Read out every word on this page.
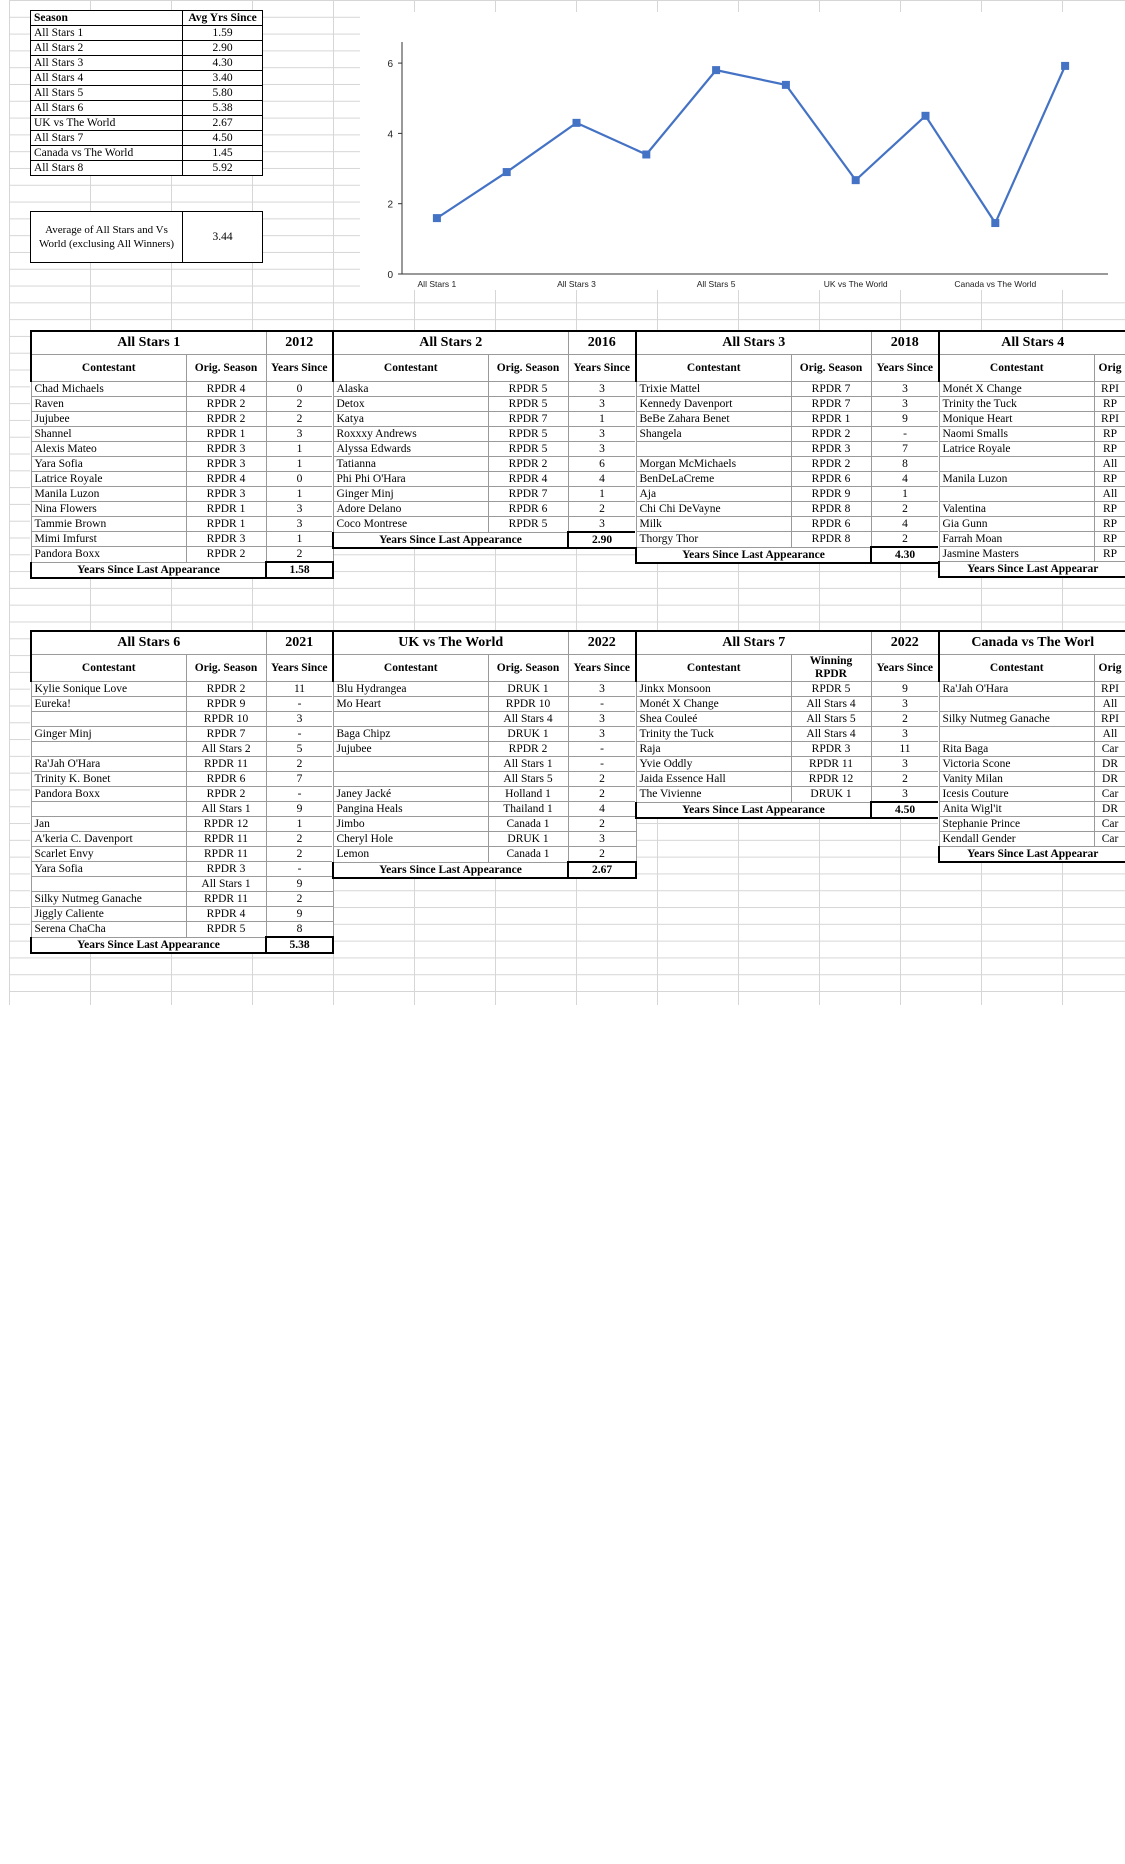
Season	Avg Yrs Since
All Stars 1	1.59
All Stars 2	2.90
All Stars 3	4.30
All Stars 4	3.40
All Stars 5	5.80
All Stars 6	5.38
UK vs The World	2.67
All Stars 7	4.50
Canada vs The World	1.45
All Stars 8	5.92
Average of All Stars and Vs World (exclusing All Winners)	3.44
0
2
4
6
All Stars 1	All Stars 3	All Stars 5	UK vs The World	Canada vs The World
All Stars 1		2012
Contestant	Orig. Season	Years Since
Chad Michaels	RPDR 4	0
Raven	RPDR 2	2
Jujubee	RPDR 2	2
Shannel	RPDR 1	3
Alexis Mateo	RPDR 3	1
Yara Sofia	RPDR 3	1
Latrice Royale	RPDR 4	0
Manila Luzon	RPDR 3	1
Nina Flowers	RPDR 1	3
Tammie Brown	RPDR 1	3
Mimi Imfurst	RPDR 3	1
Pandora Boxx	RPDR 2	2
Years Since Last Appearance		1.58
All Stars 2		2016
Contestant	Orig. Season	Years Since
Alaska	RPDR 5	3
Detox	RPDR 5	3
Katya	RPDR 7	1
Roxxxy Andrews	RPDR 5	3
Alyssa Edwards	RPDR 5	3
Tatianna	RPDR 2	6
Phi Phi O'Hara	RPDR 4	4
Ginger Minj	RPDR 7	1
Adore Delano	RPDR 6	2
Coco Montrese	RPDR 5	3
Years Since Last Appearance		2.90
All Stars 3		2018
Contestant	Orig. Season	Years Since
Trixie Mattel	RPDR 7	3
Kennedy Davenport	RPDR 7	3
BeBe Zahara Benet	RPDR 1	9
Shangela	RPDR 2	-
	RPDR 3	7
Morgan McMichaels	RPDR 2	8
BenDeLaCreme	RPDR 6	4
Aja	RPDR 9	1
Chi Chi DeVayne	RPDR 8	2
Milk	RPDR 6	4
Thorgy Thor	RPDR 8	2
Years Since Last Appearance		4.30
All Stars 4	
Contestant	Orig
Monét X Change	RPI
Trinity the Tuck	RP
Monique Heart	RPI
Naomi Smalls	RP
Latrice Royale	RP
	All
Manila Luzon	RP
	All
Valentina	RP
Gia Gunn	RP
Farrah Moan	RP
Jasmine Masters	RP
Years Since Last Appearar	
All Stars 6		2021
Contestant	Orig. Season	Years Since
Kylie Sonique Love	RPDR 2	11
Eureka!	RPDR 9	-
	RPDR 10	3
Ginger Minj	RPDR 7	-
	All Stars 2	5
Ra'Jah O'Hara	RPDR 11	2
Trinity K. Bonet	RPDR 6	7
Pandora Boxx	RPDR 2	-
	All Stars 1	9
Jan	RPDR 12	1
A'keria C. Davenport	RPDR 11	2
Scarlet Envy	RPDR 11	2
Yara Sofia	RPDR 3	-
	All Stars 1	9
Silky Nutmeg Ganache	RPDR 11	2
Jiggly Caliente	RPDR 4	9
Serena ChaCha	RPDR 5	8
Years Since Last Appearance		5.38
UK vs The World		2022
Contestant	Orig. Season	Years Since
Blu Hydrangea	DRUK 1	3
Mo Heart	RPDR 10	-
	All Stars 4	3
Baga Chipz	DRUK 1	3
Jujubee	RPDR 2	-
	All Stars 1	-
	All Stars 5	2
Janey Jacké	Holland 1	2
Pangina Heals	Thailand 1	4
Jimbo	Canada 1	2
Cheryl Hole	DRUK 1	3
Lemon	Canada 1	2
Years Since Last Appearance		2.67
All Stars 7		2022
Contestant	Winning RPDR	Years Since
Jinkx Monsoon	RPDR 5	9
Monét X Change	All Stars 4	3
Shea Couleé	All Stars 5	2
Trinity the Tuck	All Stars 4	3
Raja	RPDR 3	11
Yvie Oddly	RPDR 11	3
Jaida Essence Hall	RPDR 12	2
The Vivienne	DRUK 1	3
Years Since Last Appearance		4.50
Canada vs The Worl	
Contestant	Orig
Ra'Jah O'Hara	RPI
	All
Silky Nutmeg Ganache	RPI
	All
Rita Baga	Car
Victoria Scone	DR
Vanity Milan	DR
Icesis Couture	Car
Anita Wigl'it	DR
Stephanie Prince	Car
Kendall Gender	Car
Years Since Last Appearar	
